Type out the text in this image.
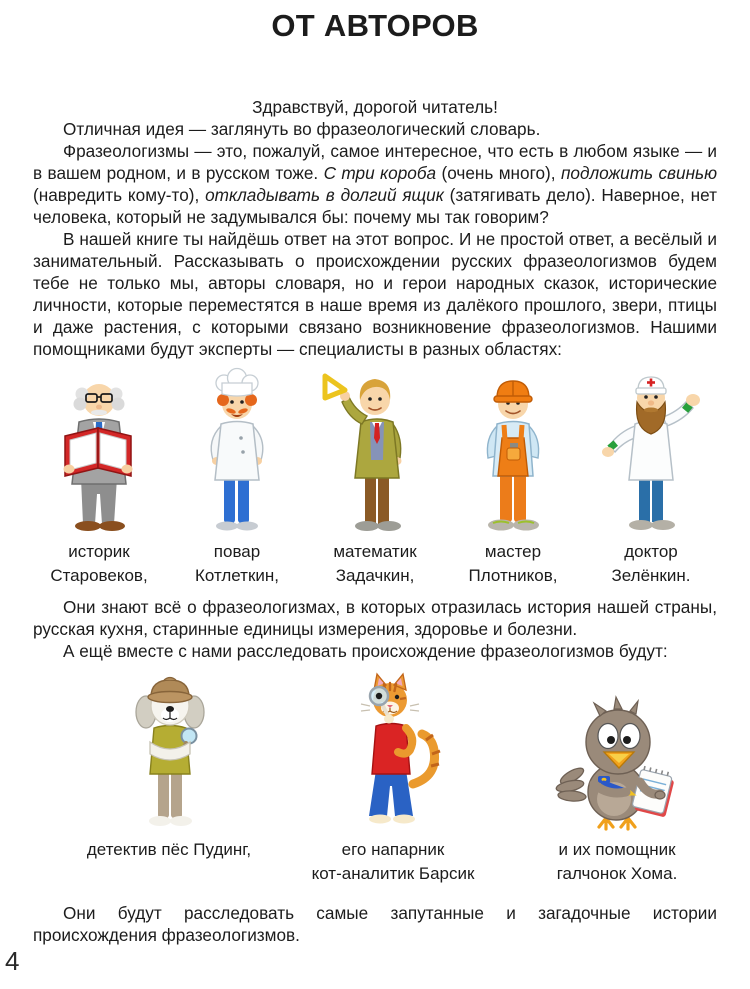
ОТ АВТОРОВ

Здравствуй, дорогой читатель!

Отличная идея — заглянуть во фразеологический словарь.

Фразеологизмы — это, пожалуй, самое интересное, что есть в любом языке — и в вашем родном, и в русском тоже. С три короба (очень много), подложить свинью (навредить кому-то), откладывать в долгий ящик (затягивать дело). Наверное, нет человека, который не задумывался бы: почему мы так говорим?

В нашей книге ты найдёшь ответ на этот вопрос. И не простой ответ, а весёлый и занимательный. Рассказывать о происхождении русских фразеологизмов будем тебе не только мы, авторы словаря, но и герои народных сказок, исторические личности, которые переместятся в наше время из далёкого прошлого, звери, птицы и даже растения, с которыми связано возникновение фразеологизмов. Нашими помощниками будут эксперты — специалисты в разных областях:

историк
Старовеков,
повар
Котлеткин,
математик
Задачкин,
мастер
Плотников,
доктор
Зелёнкин.

Они знают всё о фразеологизмах, в которых отразилась история нашей страны, русская кухня, старинные единицы измерения, здоровье и болезни.

А ещё вместе с нами расследовать происхождение фразеологизмов будут:

детектив пёс Пудинг,	его напарник
кот-аналитик Барсик
и их помощник
галчонок Хома.

Они будут расследовать самые запутанные и загадочные истории происхождения фразеологизмов.

4
